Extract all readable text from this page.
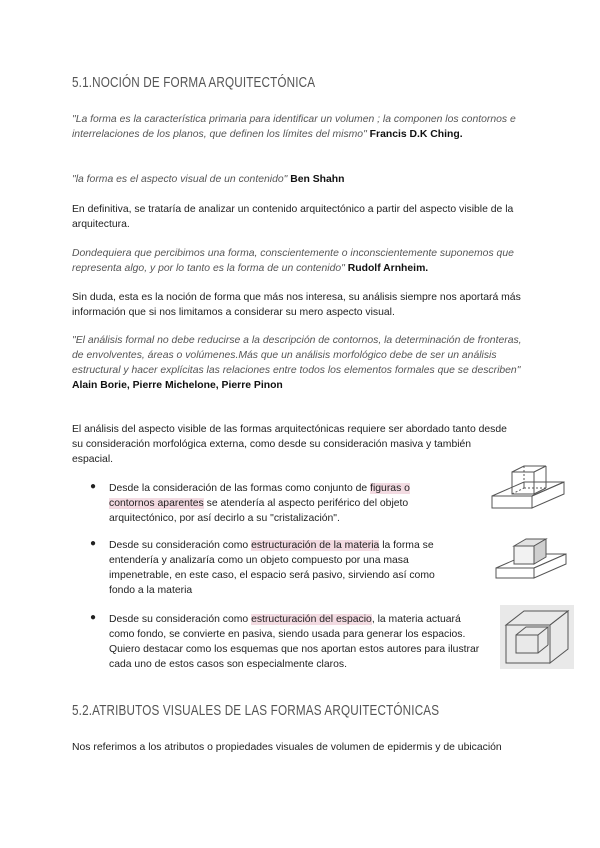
5.1.NOCIÓN DE FORMA ARQUITECTÓNICA
"La forma es la característica primaria para identificar un volumen ; la componen los contornos e interrelaciones de los planos, que definen los límites del mismo" Francis D.K Ching.
"la forma es el aspecto visual de un contenido" Ben Shahn
En definitiva, se trataría de analizar un contenido arquitectónico a partir del aspecto visible de la arquitectura.
Dondequiera que percibimos una forma, conscientemente o inconscientemente suponemos que representa algo, y por lo tanto es la forma de un contenido" Rudolf Arnheim.
Sin duda, esta es la noción de forma que más nos interesa, su análisis siempre nos aportará más información que si nos limitamos a considerar su mero aspecto visual.
"El análisis formal no debe reducirse a la descripción de contornos, la determinación de fronteras, de envolventes, áreas o volúmenes.Más que un análisis morfológico debe de ser un análisis estructural y hacer explícitas las relaciones entre todos los elementos formales que se describen" Alain Borie, Pierre Michelone, Pierre Pinon
El análisis del aspecto visible de las formas arquitectónicas requiere ser abordado tanto desde su consideración morfológica externa, como desde su consideración masiva y también espacial.
●	Desde la consideración de las formas como conjunto de figuras o contornos aparentes se atendería al aspecto periférico del objeto arquitectónico, por así decirlo a su "cristalización".
●	Desde su consideración como estructuración de la materia la forma se entendería y analizaría como un objeto compuesto por una masa impenetrable, en este caso, el espacio será pasivo, sirviendo así como fondo a la materia
●	Desde su consideración como estructuración del espacio, la materia actuará como fondo, se convierte en pasiva, siendo usada para generar los espacios. Quiero destacar como los esquemas que nos aportan estos autores para ilustrar cada uno de estos casos son especialmente claros.
5.2.ATRIBUTOS VISUALES DE LAS FORMAS ARQUITECTÓNICAS
Nos referimos a los atributos o propiedades visuales de volumen de epidermis y de ubicación
